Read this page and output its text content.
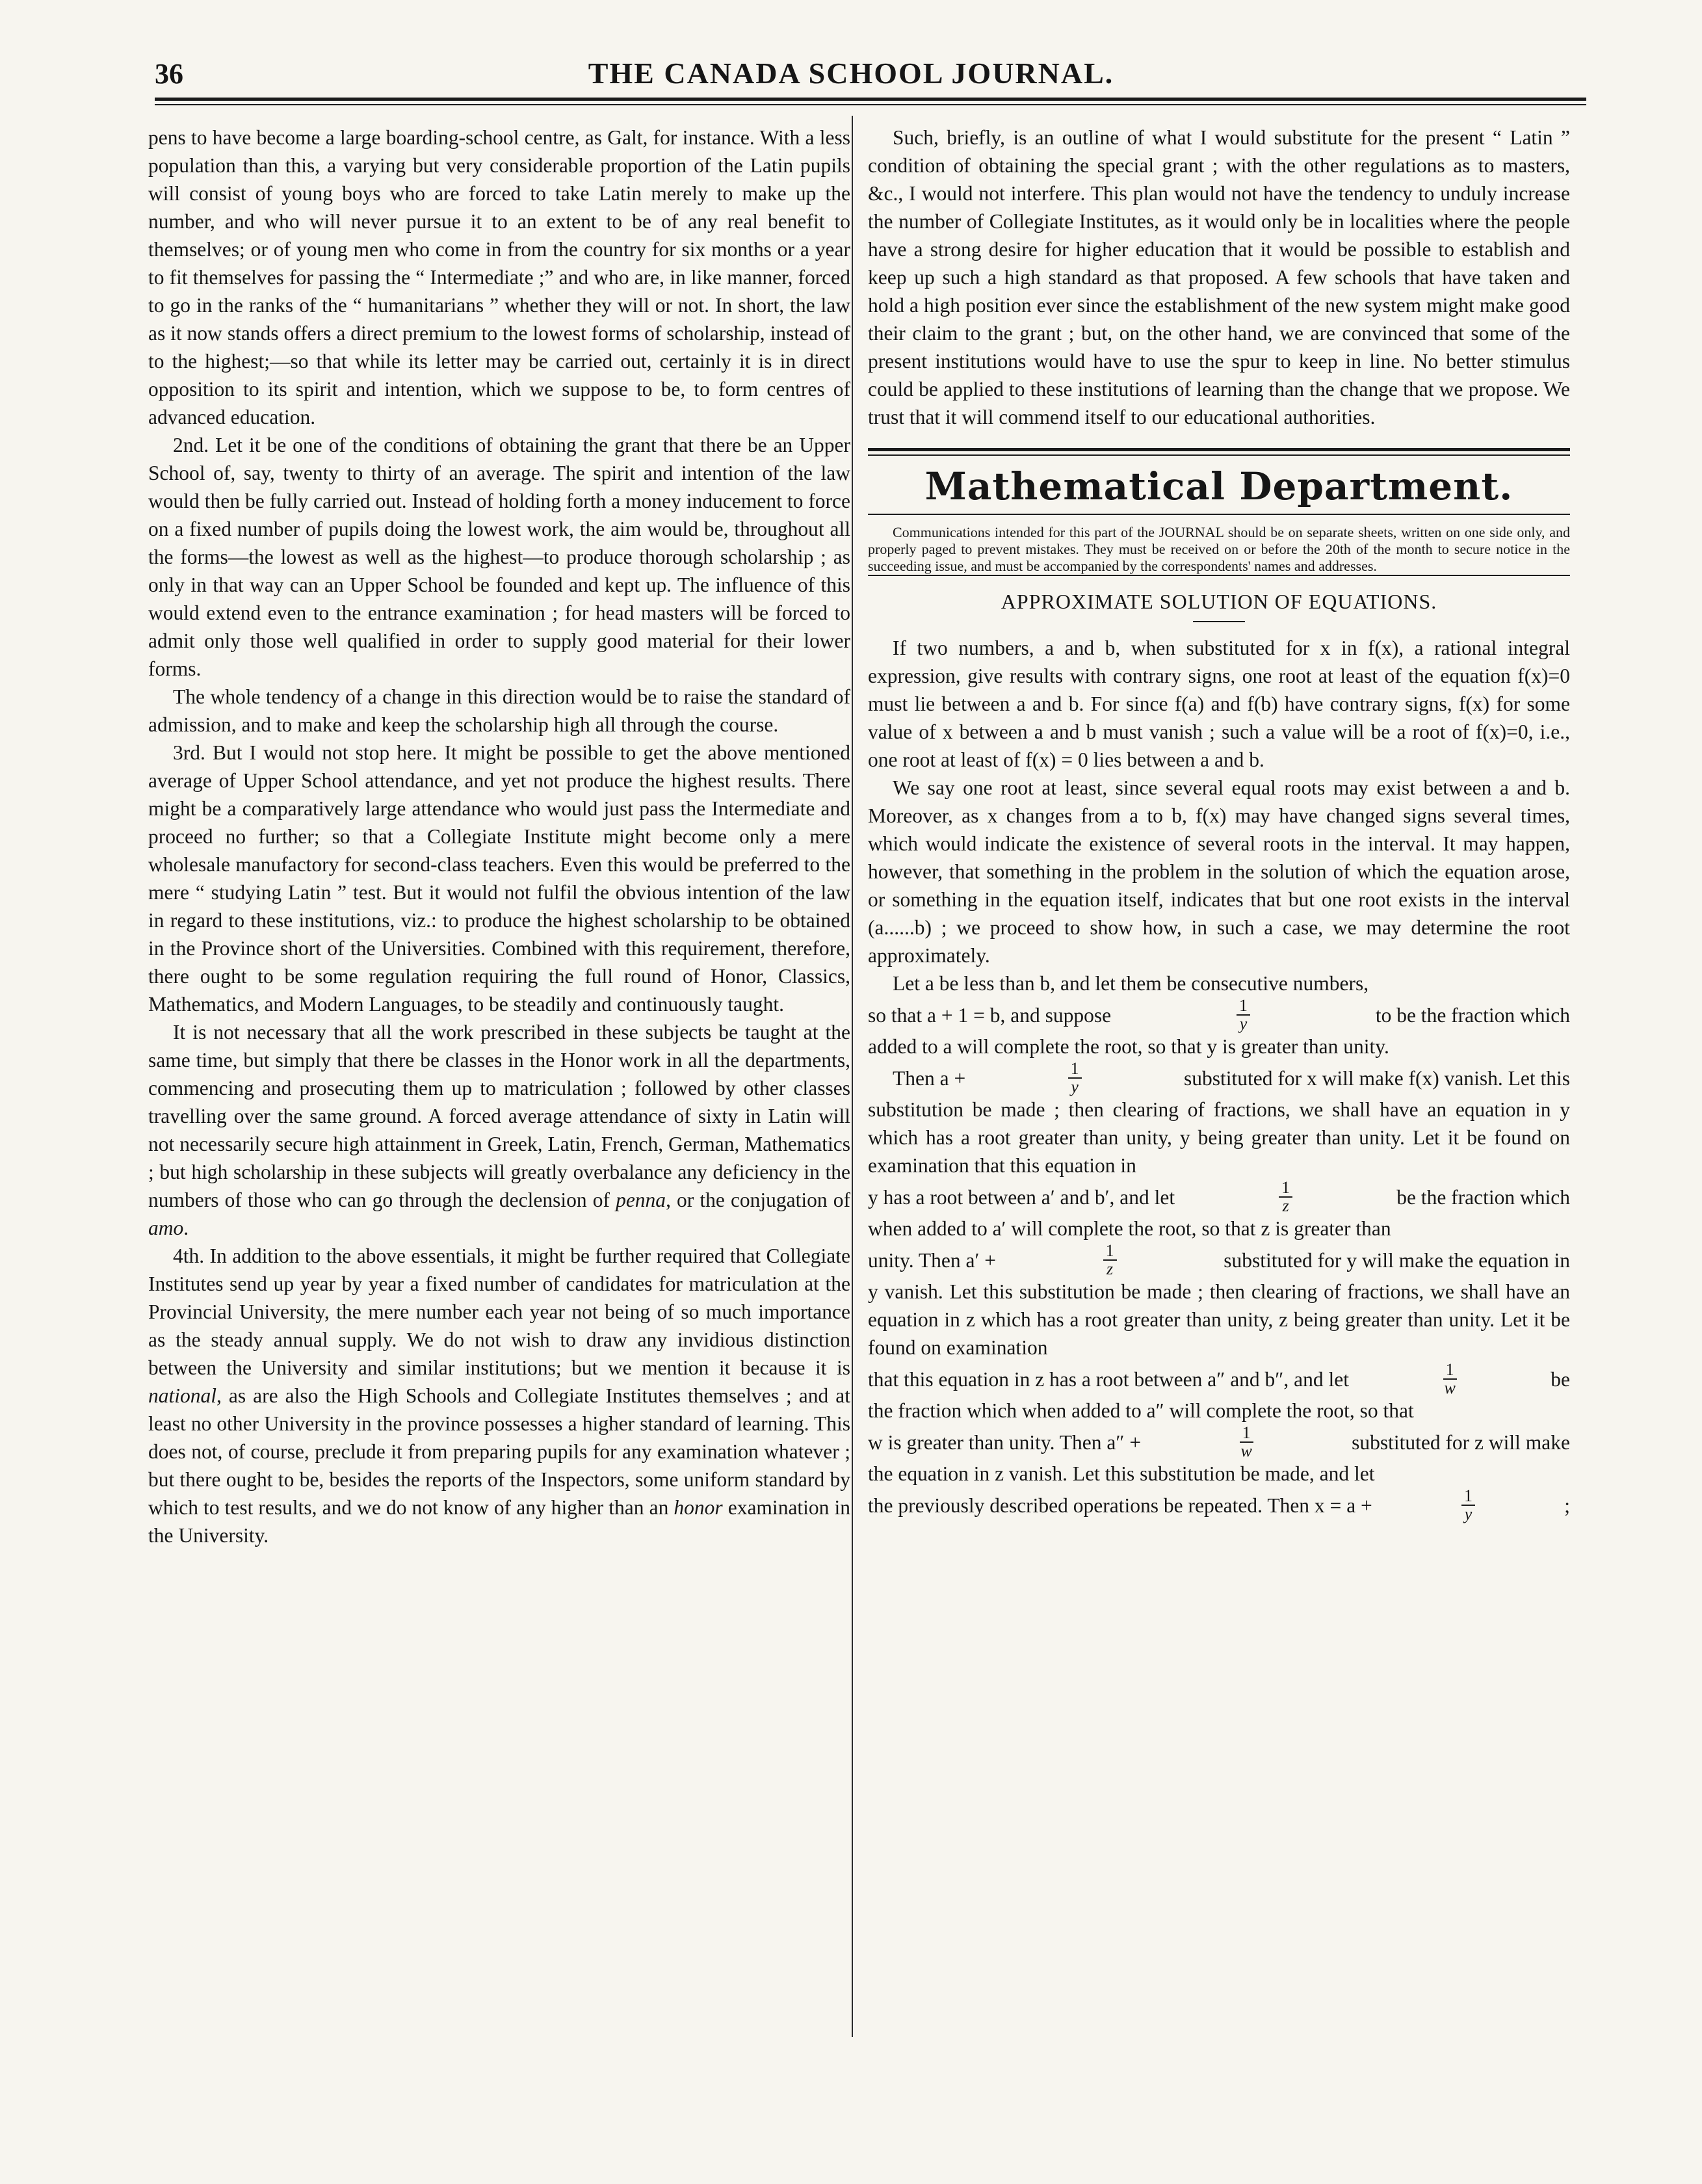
36	THE CANADA SCHOOL JOURNAL.

pens to have become a large boarding-school centre, as Galt, for instance. With a less population than this, a varying but very considerable proportion of the Latin pupils will consist of young boys who are forced to take Latin merely to make up the number, and who will never pursue it to an extent to be of any real benefit to themselves; or of young men who come in from the country for six months or a year to fit themselves for passing the “ Intermediate ;” and who are, in like manner, forced to go in the ranks of the “ humanitarians ” whether they will or not. In short, the law as it now stands offers a direct premium to the lowest forms of scholarship, instead of to the highest;—so that while its letter may be carried out, certainly it is in direct opposition to its spirit and intention, which we suppose to be, to form centres of advanced education.

2nd. Let it be one of the conditions of obtaining the grant that there be an Upper School of, say, twenty to thirty of an average. The spirit and intention of the law would then be fully carried out. Instead of holding forth a money inducement to force on a fixed number of pupils doing the lowest work, the aim would be, throughout all the forms—the lowest as well as the highest—to produce thorough scholarship ; as only in that way can an Upper School be founded and kept up. The influence of this would extend even to the entrance examination ; for head masters will be forced to admit only those well qualified in order to supply good material for their lower forms.

The whole tendency of a change in this direction would be to raise the standard of admission, and to make and keep the scholarship high all through the course.

3rd. But I would not stop here. It might be possible to get the above mentioned average of Upper School attendance, and yet not produce the highest results. There might be a comparatively large attendance who would just pass the Intermediate and proceed no further; so that a Collegiate Institute might become only a mere wholesale manufactory for second-class teachers. Even this would be preferred to the mere “ studying Latin ” test. But it would not fulfil the obvious intention of the law in regard to these institutions, viz.: to produce the highest scholarship to be obtained in the Province short of the Universities. Combined with this requirement, therefore, there ought to be some regulation requiring the full round of Honor, Classics, Mathematics, and Modern Languages, to be steadily and continuously taught.

It is not necessary that all the work prescribed in these subjects be taught at the same time, but simply that there be classes in the Honor work in all the departments, commencing and prosecuting them up to matriculation ; followed by other classes travelling over the same ground. A forced average attendance of sixty in Latin will not necessarily secure high attainment in Greek, Latin, French, German, Mathematics ; but high scholarship in these subjects will greatly overbalance any deficiency in the numbers of those who can go through the declension of penna, or the conjugation of amo.

4th. In addition to the above essentials, it might be further required that Collegiate Institutes send up year by year a fixed number of candidates for matriculation at the Provincial University, the mere number each year not being of so much importance as the steady annual supply. We do not wish to draw any invidious distinction between the University and similar institutions; but we mention it because it is national, as are also the High Schools and Collegiate Institutes themselves ; and at least no other University in the province possesses a higher standard of learning. This does not, of course, preclude it from preparing pupils for any examination whatever ; but there ought to be, besides the reports of the Inspectors, some uniform standard by which to test results, and we do not know of any higher than an honor examination in the University.

Such, briefly, is an outline of what I would substitute for the present “ Latin ” condition of obtaining the special grant ; with the other regulations as to masters, &c., I would not interfere. This plan would not have the tendency to unduly increase the number of Collegiate Institutes, as it would only be in localities where the people have a strong desire for higher education that it would be possible to establish and keep up such a high standard as that proposed. A few schools that have taken and hold a high position ever since the establishment of the new system might make good their claim to the grant ; but, on the other hand, we are convinced that some of the present institutions would have to use the spur to keep in line. No better stimulus could be applied to these institutions of learning than the change that we propose. We trust that it will commend itself to our educational authorities.

Mathematical Department.

Communications intended for this part of the JOURNAL should be on separate sheets, written on one side only, and properly paged to prevent mistakes. They must be received on or before the 20th of the month to secure notice in the succeeding issue, and must be accompanied by the correspondents' names and addresses.

APPROXIMATE SOLUTION OF EQUATIONS.

If two numbers, a and b, when substituted for x in f(x), a rational integral expression, give results with contrary signs, one root at least of the equation f(x)=0 must lie between a and b. For since f(a) and f(b) have contrary signs, f(x) for some value of x between a and b must vanish ; such a value will be a root of f(x)=0, i.e., one root at least of f(x) = 0 lies between a and b.

We say one root at least, since several equal roots may exist between a and b. Moreover, as x changes from a to b, f(x) may have changed signs several times, which would indicate the existence of several roots in the interval. It may happen, however, that something in the problem in the solution of which the equation arose, or something in the equation itself, indicates that but one root exists in the interval (a......b) ; we proceed to show how, in such a case, we may determine the root approximately.

Let a be less than b, and let them be consecutive numbers,

so that a + 1 = b, and suppose	$\frac{1}{y}$	to be the fraction which

added to a will complete the root, so that y is greater than unity.

Then a +	$\frac{1}{y}$	substituted for x will make f(x) vanish. Let this

substitution be made ; then clearing of fractions, we shall have an equation in y which has a root greater than unity, y being greater than unity. Let it be found on examination that this equation in

y has a root between a′ and b′, and let	$\frac{1}{z}$	be the fraction which

when added to a′ will complete the root, so that z is greater than

unity. Then a′ +	$\frac{1}{z}$	substituted for y will make the equation in

y vanish. Let this substitution be made ; then clearing of fractions, we shall have an equation in z which has a root greater than unity, z being greater than unity. Let it be found on examination

that this equation in z has a root between a″ and b″, and let	$\frac{1}{w}$	be

the fraction which when added to a″ will complete the root, so that

w is greater than unity. Then a″ +	$\frac{1}{w}$	substituted for z will make

the equation in z vanish. Let this substitution be made, and let

the previously described operations be repeated. Then x = a +	$\frac{1}{y}$	;
